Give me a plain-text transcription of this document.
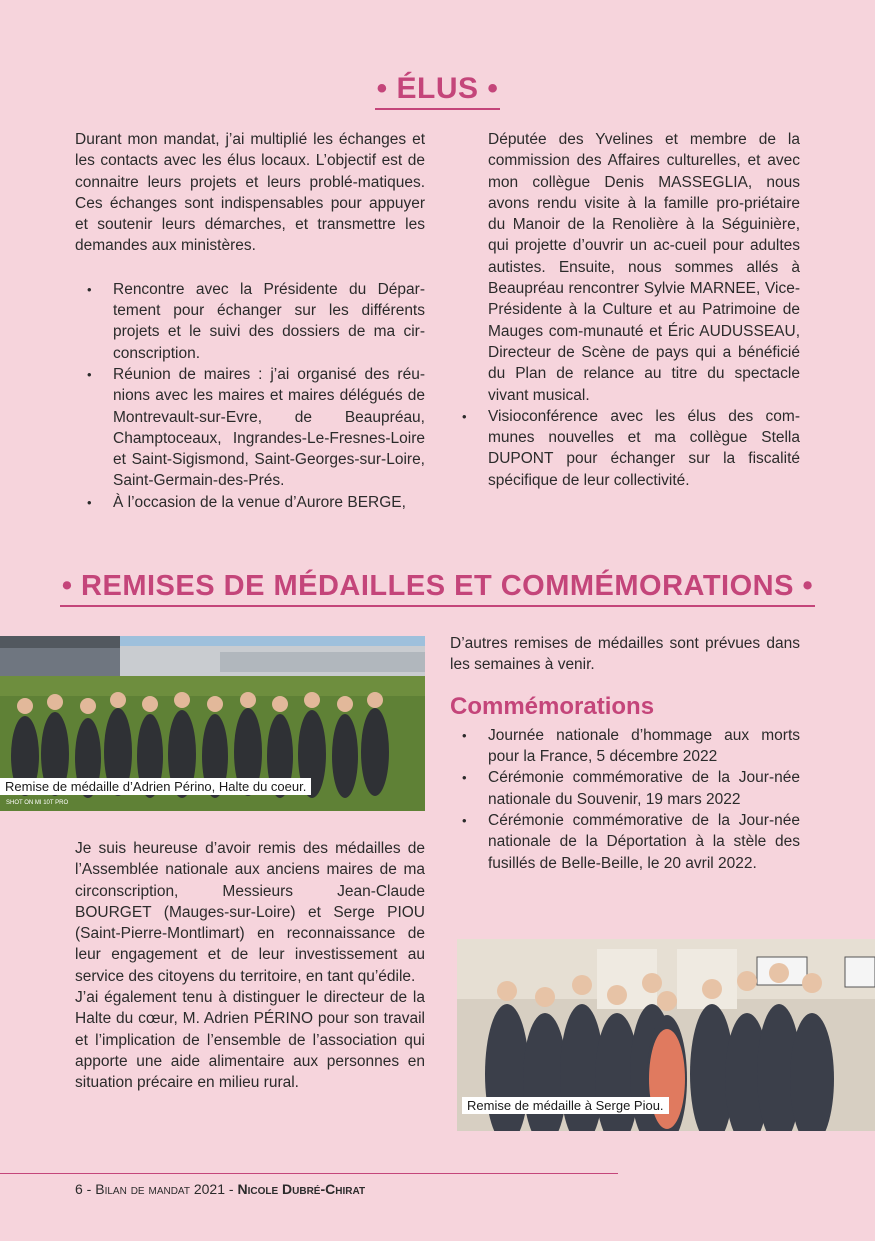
• ÉLUS •

Durant mon mandat, j’ai multiplié les échanges et les contacts avec les élus locaux. L’objectif est de connaitre leurs projets et leurs problé-matiques. Ces échanges sont indispensables pour appuyer et soutenir leurs démarches, et transmettre les demandes aux ministères.

• Rencontre avec la Présidente du Dépar-tement pour échanger sur les différents projets et le suivi des dossiers de ma cir-conscription.
• Réunion de maires : j’ai organisé des réu-nions avec les maires et maires délégués de Montrevault-sur-Evre, de Beaupréau, Champtoceaux, Ingrandes-Le-Fresnes-Loire et Saint-Sigismond, Saint-Georges-sur-Loire, Saint-Germain-des-Prés.
• À l’occasion de la venue d’Aurore BERGE,
Députée des Yvelines et membre de la commission des Affaires culturelles, et avec mon collègue Denis MASSEGLIA, nous avons rendu visite à la famille pro-priétaire du Manoir de la Renolière à la Séguinière, qui projette d’ouvrir un ac-cueil pour adultes autistes. Ensuite, nous sommes allés à Beaupréau rencontrer Sylvie MARNEE, Vice-Présidente à la Culture et au Patrimoine de Mauges com-munauté et Éric AUDUSSEAU, Directeur de Scène de pays qui a bénéficié du Plan de relance au titre du spectacle vivant musical.
• Visioconférence avec les élus des com-munes nouvelles et ma collègue Stella DUPONT pour échanger sur la fiscalité spécifique de leur collectivité.
• REMISES DE MÉDAILLES ET COMMÉMORATIONS •
Remise de médaille d’Adrien Périno, Halte du coeur.
SHOT ON MI 10T PRO

D’autres remises de médailles sont prévues dans les semaines à venir.

Commémorations
• Journée nationale d’hommage aux morts pour la France, 5 décembre 2022
• Cérémonie commémorative de la Jour-née nationale du Souvenir, 19 mars 2022
• Cérémonie commémorative de la Jour-née nationale de la Déportation à la stèle des fusillés de Belle-Beille, le 20 avril 2022.

Je suis heureuse d’avoir remis des médailles de l’Assemblée nationale aux anciens maires de ma circonscription, Messieurs Jean-Claude BOURGET (Mauges-sur-Loire) et Serge PIOU (Saint-Pierre-Montlimart) en reconnaissance de leur engagement et de leur investissement au service des citoyens du territoire, en tant qu’édile.

J’ai également tenu à distinguer le directeur de la Halte du cœur, M. Adrien PÉRINO pour son travail et l’implication de l’ensemble de l’association qui apporte une aide alimentaire aux personnes en situation précaire en milieu rural.

Remise de médaille à Serge Piou.
6 - Bilan de mandat 2021 - Nicole Dubré-Chirat
